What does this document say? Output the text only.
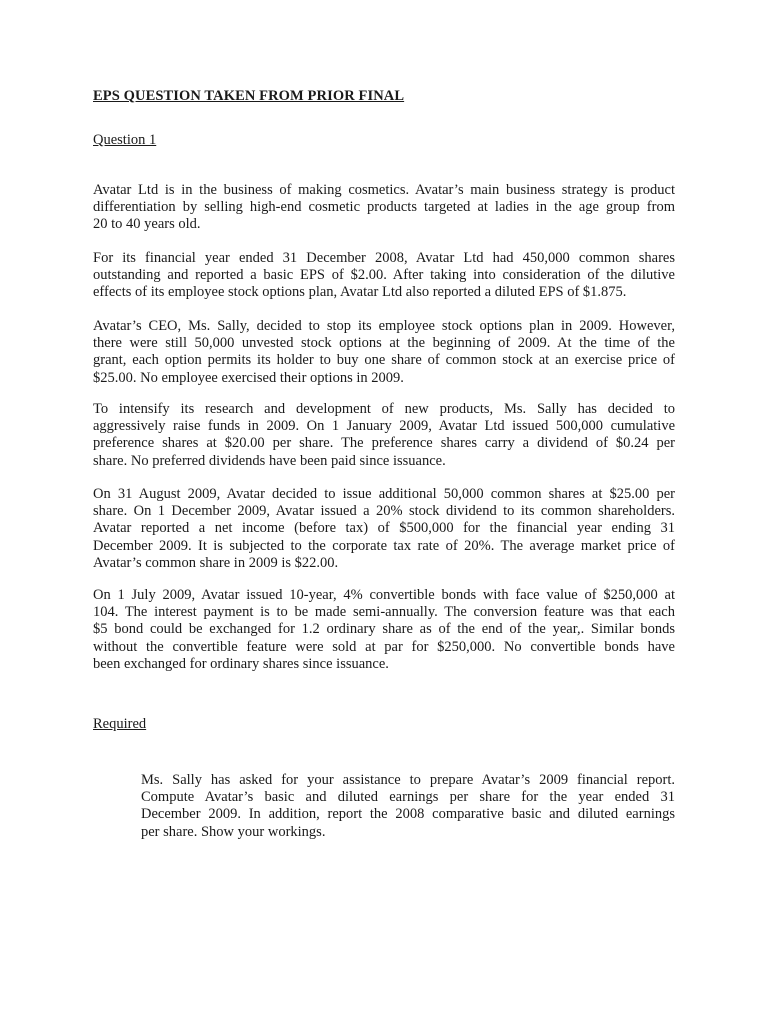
EPS QUESTION TAKEN FROM PRIOR FINAL
Question 1
Avatar Ltd is in the business of making cosmetics. Avatar’s main business strategy is product
differentiation by selling high-end cosmetic products targeted at ladies in the age group from
20 to 40 years old.
For its financial year ended 31 December 2008, Avatar Ltd had 450,000 common shares
outstanding and reported a basic EPS of $2.00. After taking into consideration of the dilutive
effects of its employee stock options plan, Avatar Ltd also reported a diluted EPS of $1.875.
Avatar’s CEO, Ms. Sally, decided to stop its employee stock options plan in 2009. However,
there were still 50,000 unvested stock options at the beginning of 2009. At the time of the
grant, each option permits its holder to buy one share of common stock at an exercise price of
$25.00. No employee exercised their options in 2009.
To intensify its research and development of new products, Ms. Sally has decided to
aggressively raise funds in 2009. On 1 January 2009, Avatar Ltd issued 500,000 cumulative
preference shares at $20.00 per share. The preference shares carry a dividend of $0.24 per
share. No preferred dividends have been paid since issuance.
On 31 August 2009, Avatar decided to issue additional 50,000 common shares at $25.00 per
share. On 1 December 2009, Avatar issued a 20% stock dividend to its common shareholders.
Avatar reported a net income (before tax) of $500,000 for the financial year ending 31
December 2009. It is subjected to the corporate tax rate of 20%. The average market price of
Avatar’s common share in 2009 is $22.00.
On 1 July 2009, Avatar issued 10-year, 4% convertible bonds with face value of $250,000 at
104. The interest payment is to be made semi-annually. The conversion feature was that each
$5 bond could be exchanged for 1.2 ordinary share as of the end of the year,. Similar bonds
without the convertible feature were sold at par for $250,000. No convertible bonds have
been exchanged for ordinary shares since issuance.
Required
Ms. Sally has asked for your assistance to prepare Avatar’s 2009 financial report.
Compute Avatar’s basic and diluted earnings per share for the year ended 31
December 2009. In addition, report the 2008 comparative basic and diluted earnings
per share. Show your workings.
